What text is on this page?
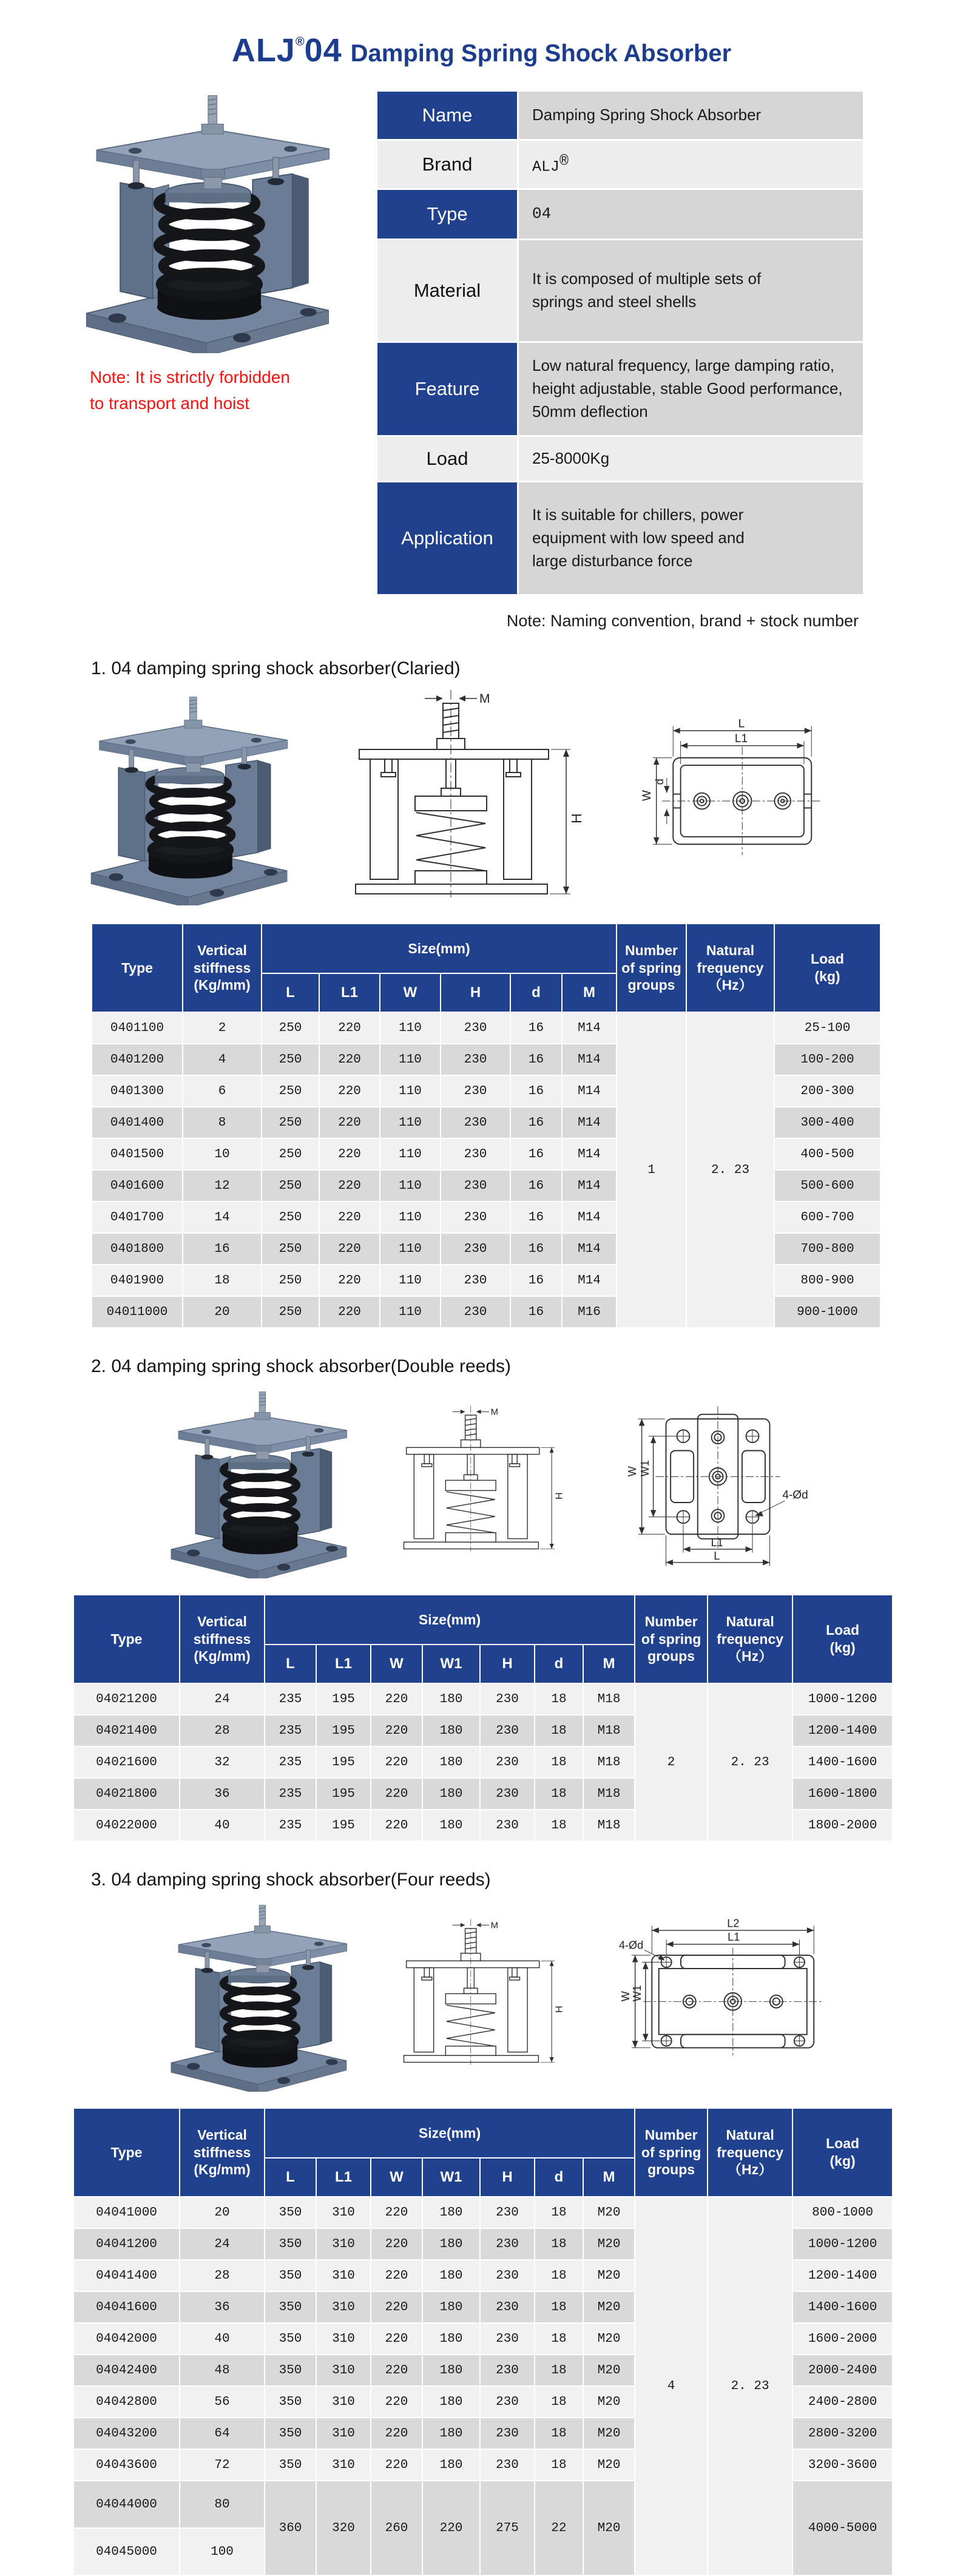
ALJ®04 Damping Spring Shock Absorber
Note: It is strictly forbidden
to transport and hoist
Name	Damping Spring Shock Absorber
Brand	ALJ®
Type	04
Material	It is composed of multiple sets of springs and steel shells
Feature	Low natural frequency, large damping ratio, height adjustable, stable Good performance, 50mm deflection
Load	25-8000Kg
Application	It is suitable for chillers, power equipment with low speed and large disturbance force
Note: Naming convention, brand + stock number
1. 04 damping spring shock absorber(Claried)
M
H
L
L1
W
d
Type	Vertical stiffness (Kg/mm)	Size(mm)						Number of spring groups	Natural frequency（Hz）	Load (kg)
		L	L1	W	H	d	M			
0401100	2	250	220	110	230	16	M14	1	2. 23	25-100
0401200	4	250	220	110	230	16	M14			100-200
0401300	6	250	220	110	230	16	M14			200-300
0401400	8	250	220	110	230	16	M14			300-400
0401500	10	250	220	110	230	16	M14			400-500
0401600	12	250	220	110	230	16	M14			500-600
0401700	14	250	220	110	230	16	M14			600-700
0401800	16	250	220	110	230	16	M14			700-800
0401900	18	250	220	110	230	16	M14			800-900
04011000	20	250	220	110	230	16	M16			900-1000
2. 04 damping spring shock absorber(Double reeds)
W W1
L1
L
4-Ød
Type	Vertical stiffness (Kg/mm)	Size(mm)							Number of spring groups	Natural frequency（Hz）	Load (kg)
		L	L1	W	W1	H	d	M			
04021200	24	235	195	220	180	230	18	M18	2	2. 23	1000-1200
04021400	28	235	195	220	180	230	18	M18			1200-1400
04021600	32	235	195	220	180	230	18	M18			1400-1600
04021800	36	235	195	220	180	230	18	M18			1600-1800
04022000	40	235	195	220	180	230	18	M18			1800-2000
3. 04 damping spring shock absorber(Four reeds)
L2
L1
W W1
4-Ød
Type	Vertical stiffness (Kg/mm)	Size(mm)							Number of spring groups	Natural frequency（Hz）	Load (kg)
		L	L1	W	W1	H	d	M			
04041000	20	350	310	220	180	230	18	M20	4	2. 23	800-1000
04041200	24	350	310	220	180	230	18	M20			1000-1200
04041400	28	350	310	220	180	230	18	M20			1200-1400
04041600	36	350	310	220	180	230	18	M20			1400-1600
04042000	40	350	310	220	180	230	18	M20			1600-2000
04042400	48	350	310	220	180	230	18	M20			2000-2400
04042800	56	350	310	220	180	230	18	M20			2400-2800
04043200	64	350	310	220	180	230	18	M20			2800-3200
04043600	72	350	310	220	180	230	18	M20			3200-3600
04044000	80	360	320	260	220	275	22	M20			4000-5000
04045000	100										
